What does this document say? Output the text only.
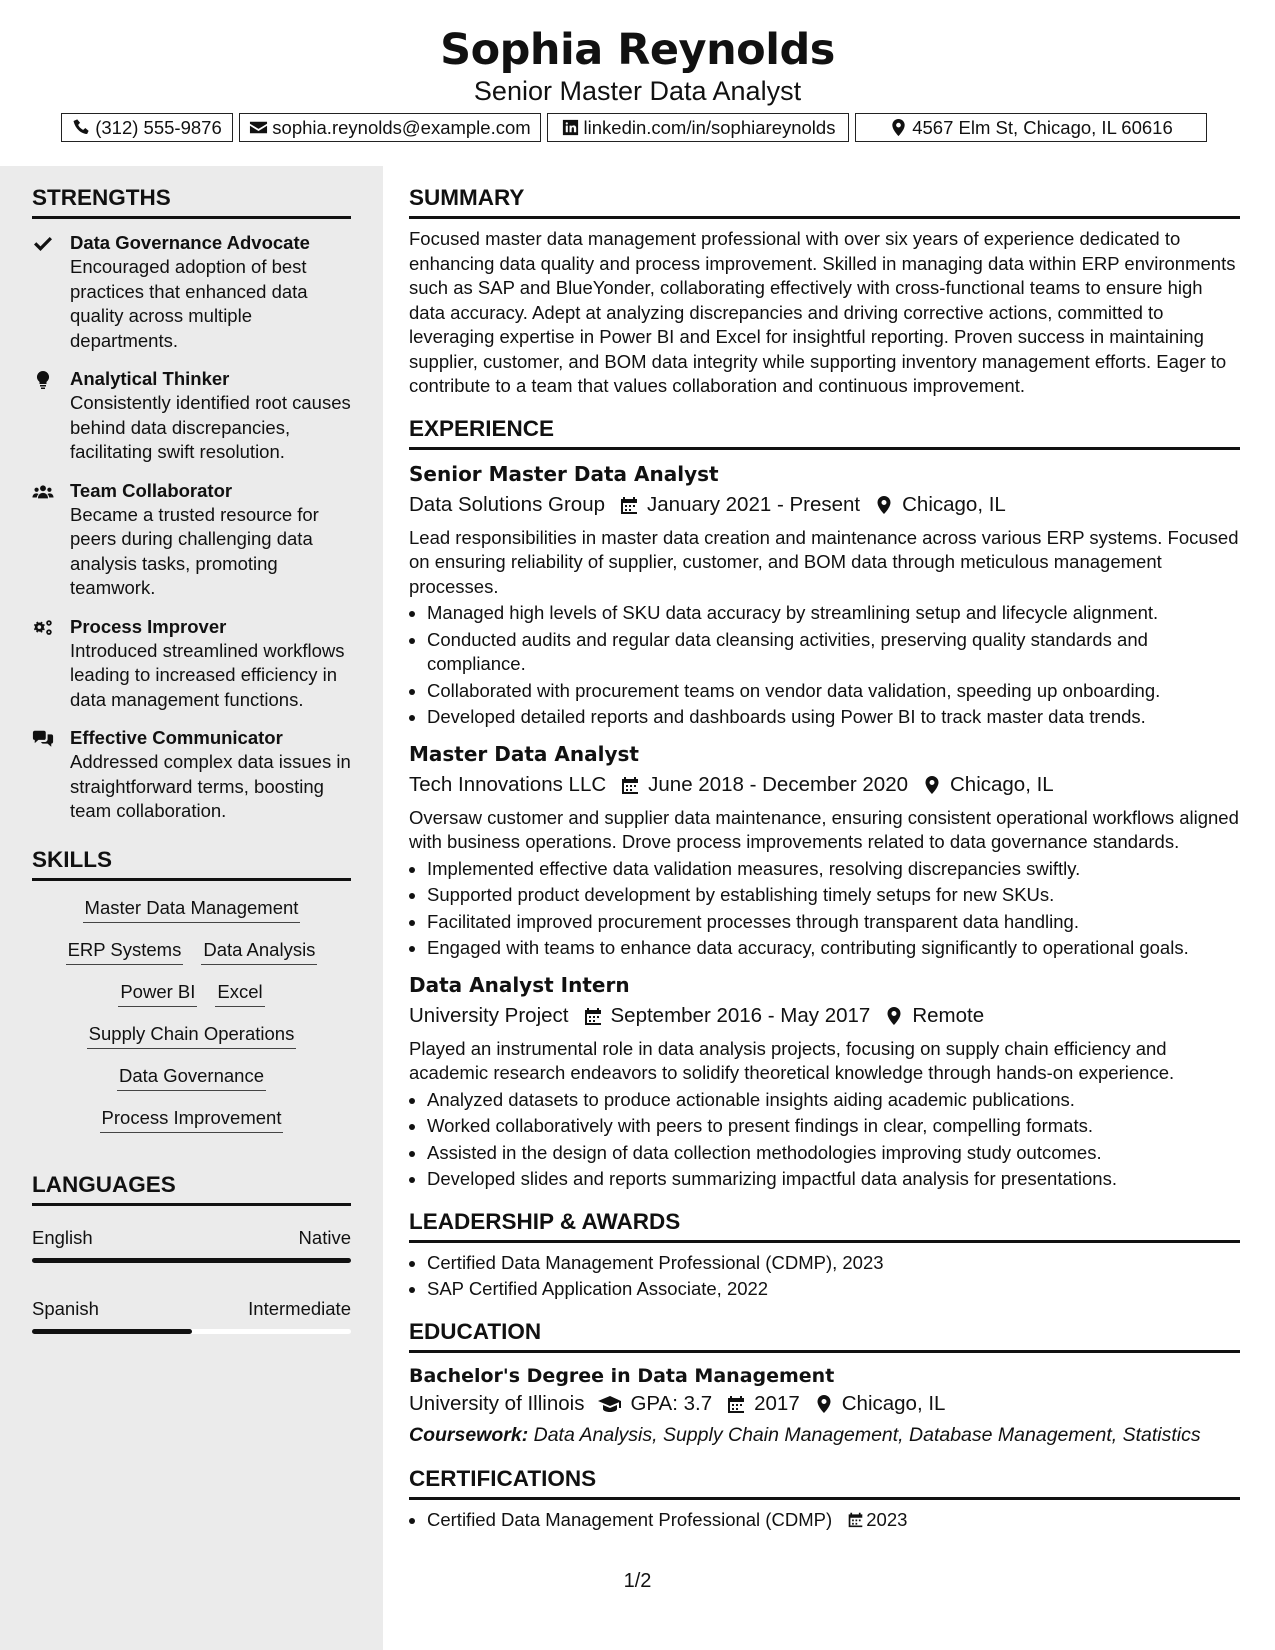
Sophia Reynolds
Senior Master Data Analyst
(312) 555-9876	sophia.reynolds@example.com	linkedin.com/in/sophiareynolds	4567 Elm St, Chicago, IL 60616
STRENGTHS
Data Governance Advocate
Encouraged adoption of best practices that enhanced data quality across multiple departments.
Analytical Thinker
Consistently identified root causes behind data discrepancies, facilitating swift resolution.
Team Collaborator
Became a trusted resource for peers during challenging data analysis tasks, promoting teamwork.
Process Improver
Introduced streamlined workflows leading to increased efficiency in data management functions.
Effective Communicator
Addressed complex data issues in straightforward terms, boosting team collaboration.
SKILLS
Master Data Management
ERP Systems Data Analysis
Power BI Excel
Supply Chain Operations
Data Governance
Process Improvement
LANGUAGES
English	Native
Spanish	Intermediate
SUMMARY

Focused master data management professional with over six years of experience dedicated to enhancing data quality and process improvement. Skilled in managing data within ERP environments such as SAP and BlueYonder, collaborating effectively with cross-functional teams to ensure high data accuracy. Adept at analyzing discrepancies and driving corrective actions, committed to leveraging expertise in Power BI and Excel for insightful reporting. Proven success in maintaining supplier, customer, and BOM data integrity while supporting inventory management efforts. Eager to contribute to a team that values collaboration and continuous improvement.

EXPERIENCE
Senior Master Data Analyst
Data Solutions Group January 2021 - Present Chicago, IL
Lead responsibilities in master data creation and maintenance across various ERP systems. Focused on ensuring reliability of supplier, customer, and BOM data through meticulous management processes.
• Managed high levels of SKU data accuracy by streamlining setup and lifecycle alignment.
• Conducted audits and regular data cleansing activities, preserving quality standards and compliance.
• Collaborated with procurement teams on vendor data validation, speeding up onboarding.
• Developed detailed reports and dashboards using Power BI to track master data trends.
Master Data Analyst
Tech Innovations LLC June 2018 - December 2020 Chicago, IL
Oversaw customer and supplier data maintenance, ensuring consistent operational workflows aligned with business operations. Drove process improvements related to data governance standards.
• Implemented effective data validation measures, resolving discrepancies swiftly.
• Supported product development by establishing timely setups for new SKUs.
• Facilitated improved procurement processes through transparent data handling.
• Engaged with teams to enhance data accuracy, contributing significantly to operational goals.
Data Analyst Intern
University Project September 2016 - May 2017 Remote
Played an instrumental role in data analysis projects, focusing on supply chain efficiency and academic research endeavors to solidify theoretical knowledge through hands-on experience.
• Analyzed datasets to produce actionable insights aiding academic publications.
• Worked collaboratively with peers to present findings in clear, compelling formats.
• Assisted in the design of data collection methodologies improving study outcomes.
• Developed slides and reports summarizing impactful data analysis for presentations.
LEADERSHIP & AWARDS
• Certified Data Management Professional (CDMP), 2023
• SAP Certified Application Associate, 2022
EDUCATION
Bachelor's Degree in Data Management
University of Illinois GPA: 3.7 2017 Chicago, IL
Coursework: Data Analysis, Supply Chain Management, Database Management, Statistics
CERTIFICATIONS
• Certified Data Management Professional (CDMP) 2023
1/2
